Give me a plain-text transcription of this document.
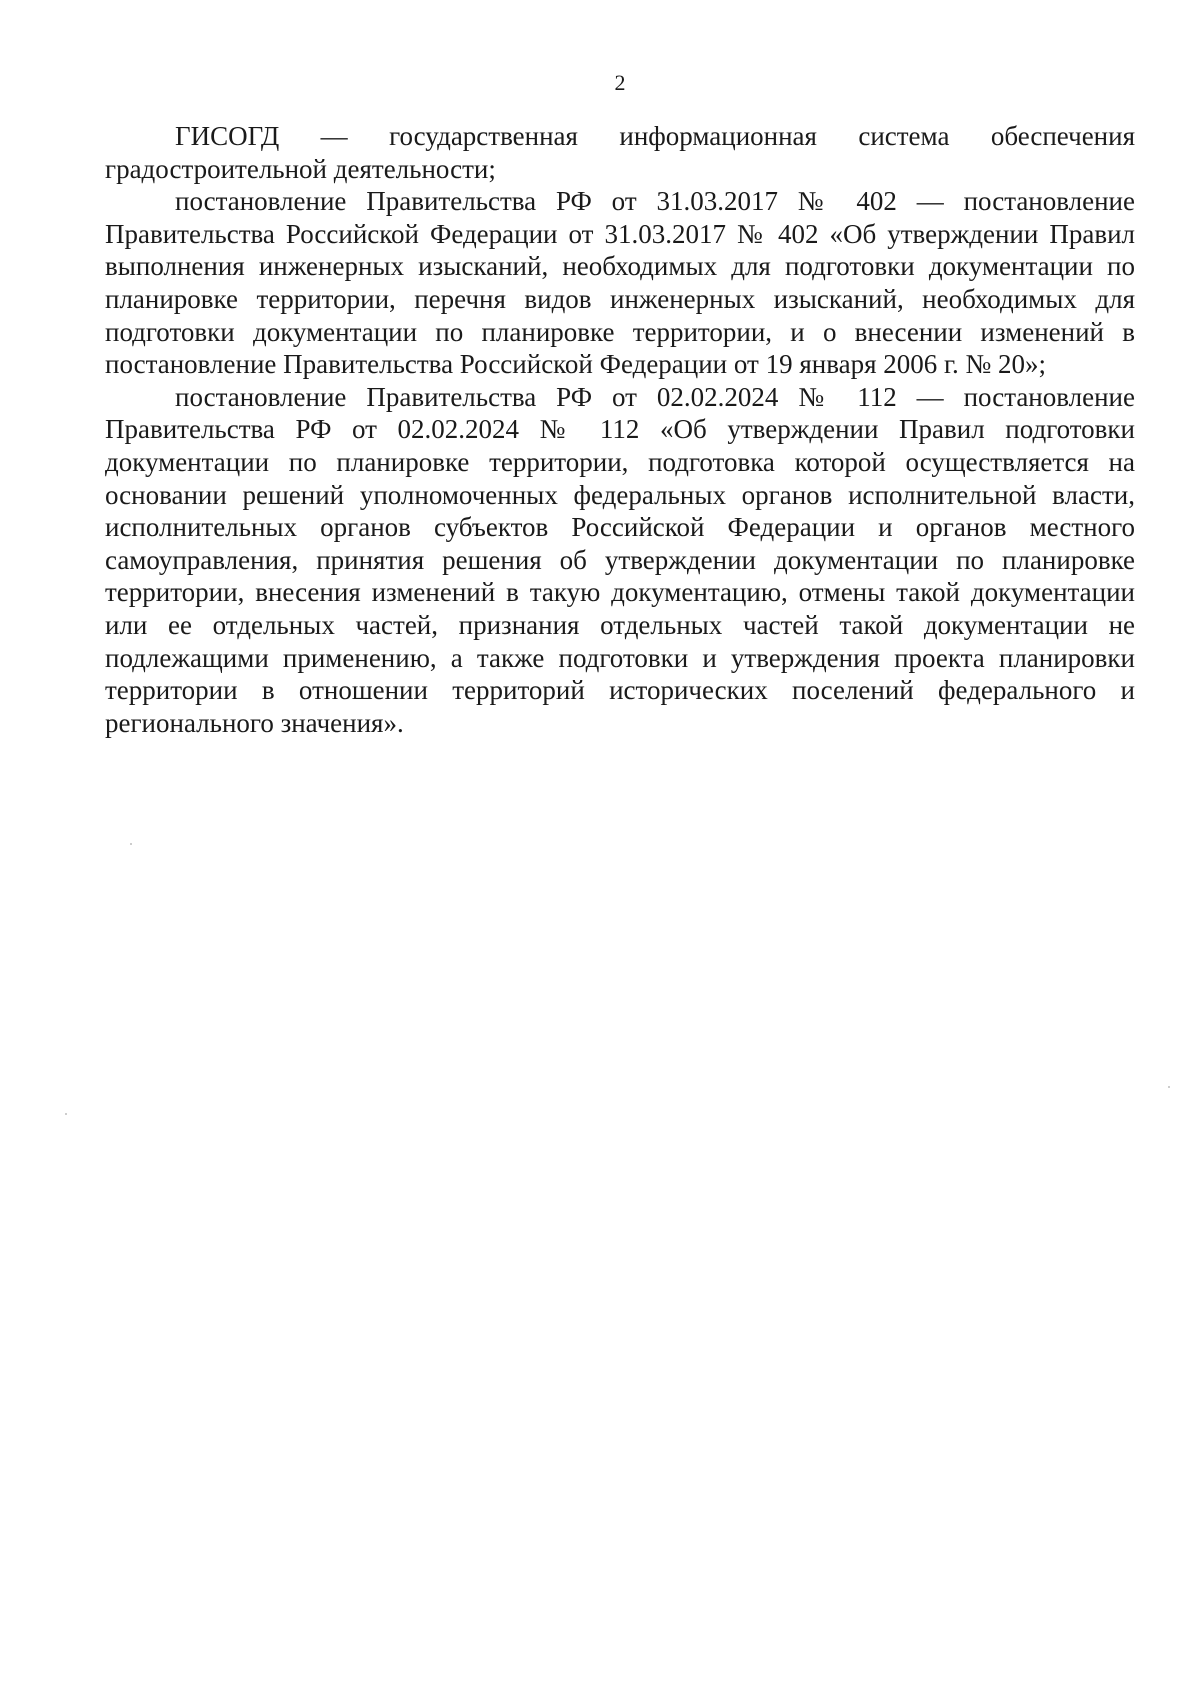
2

ГИСОГД — государственная информационная система обеспечения градостроительной деятельности;

постановление Правительства РФ от 31.03.2017 № 402 — постановление Правительства Российской Федерации от 31.03.2017 № 402 «Об утверждении Правил выполнения инженерных изысканий, необходимых для подготовки документации по планировке территории, перечня видов инженерных изысканий, необходимых для подготовки документации по планировке территории, и о внесении изменений в постановление Правительства Российской Федерации от 19 января 2006 г. № 20»;

постановление Правительства РФ от 02.02.2024 № 112 — постановление Правительства РФ от 02.02.2024 № 112 «Об утверждении Правил подготовки документации по планировке территории, подготовка которой осуществляется на основании решений уполномоченных федеральных органов исполнительной власти, исполнительных органов субъектов Российской Федерации и органов местного самоуправления, принятия решения об утверждении документации по планировке территории, внесения изменений в такую документацию, отмены такой документации или ее отдельных частей, признания отдельных частей такой документации не подлежащими применению, а также подготовки и утверждения проекта планировки территории в отношении территорий исторических поселений федерального и регионального значения».
